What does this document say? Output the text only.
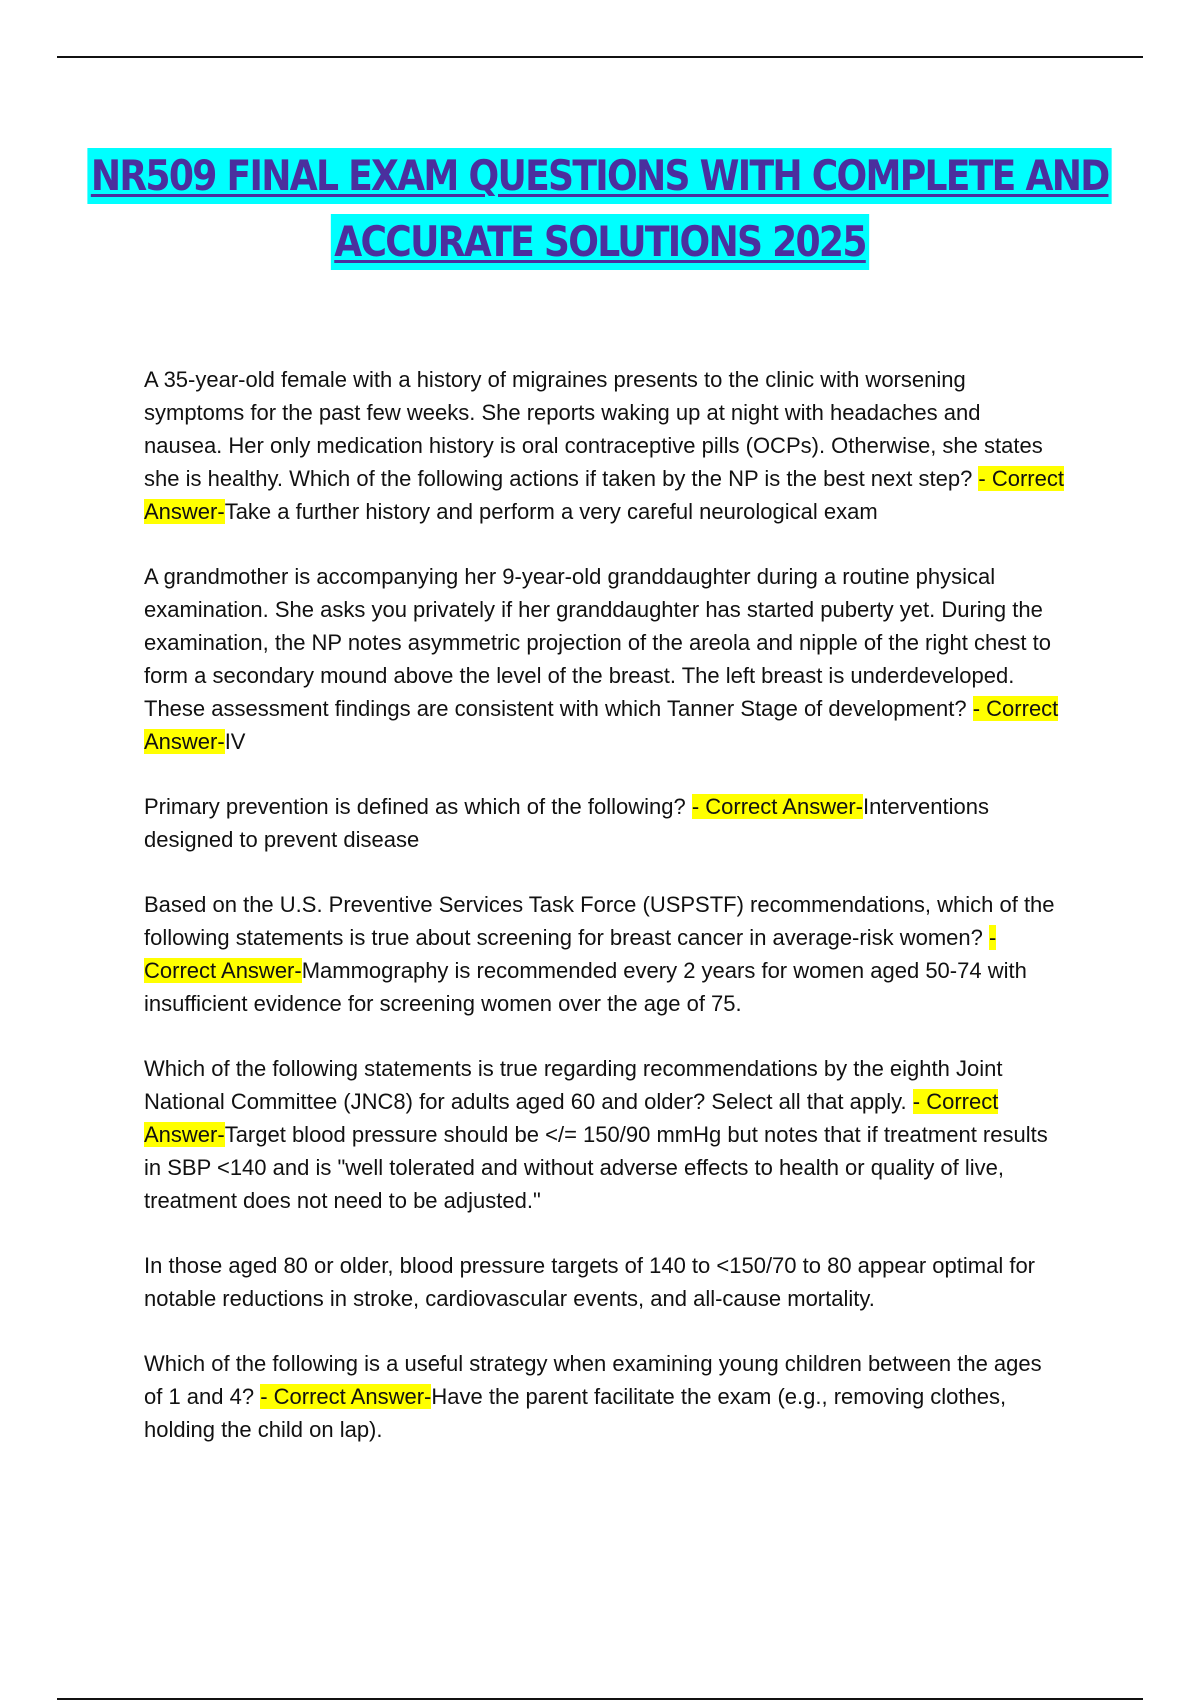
NR509 FINAL EXAM QUESTIONS WITH COMPLETE AND
ACCURATE SOLUTIONS 2025

A 35-year-old female with a history of migraines presents to the clinic with worsening symptoms for the past few weeks. She reports waking up at night with headaches and nausea. Her only medication history is oral contraceptive pills (OCPs). Otherwise, she states she is healthy. Which of the following actions if taken by the NP is the best next step? - Correct Answer-Take a further history and perform a very careful neurological exam

A grandmother is accompanying her 9-year-old granddaughter during a routine physical examination. She asks you privately if her granddaughter has started puberty yet. During the examination, the NP notes asymmetric projection of the areola and nipple of the right chest to form a secondary mound above the level of the breast. The left breast is underdeveloped. These assessment findings are consistent with which Tanner Stage of development? - Correct Answer-IV

Primary prevention is defined as which of the following? - Correct Answer-Interventions designed to prevent disease

Based on the U.S. Preventive Services Task Force (USPSTF) recommendations, which of the following statements is true about screening for breast cancer in average-risk women? - Correct Answer-Mammography is recommended every 2 years for women aged 50-74 with insufficient evidence for screening women over the age of 75.

Which of the following statements is true regarding recommendations by the eighth Joint National Committee (JNC8) for adults aged 60 and older? Select all that apply. - Correct Answer-Target blood pressure should be </= 150/90 mmHg but notes that if treatment results in SBP <140 and is "well tolerated and without adverse effects to health or quality of live, treatment does not need to be adjusted."

In those aged 80 or older, blood pressure targets of 140 to <150/70 to 80 appear optimal for notable reductions in stroke, cardiovascular events, and all-cause mortality.

Which of the following is a useful strategy when examining young children between the ages of 1 and 4? - Correct Answer-Have the parent facilitate the exam (e.g., removing clothes, holding the child on lap).
